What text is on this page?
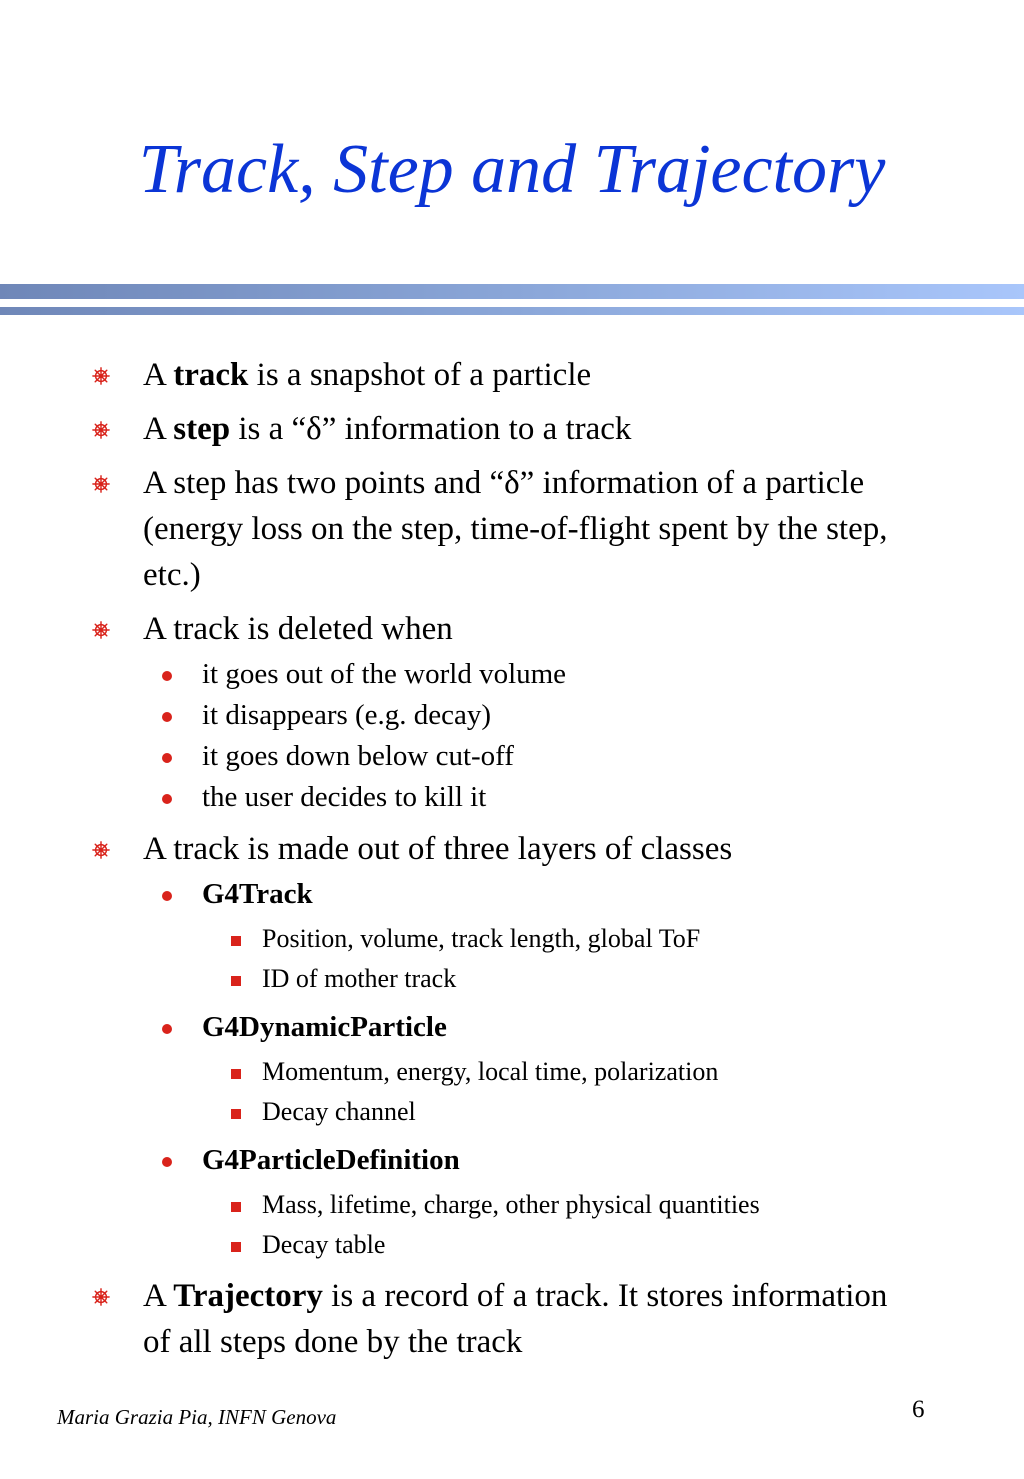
Track, Step and Trajectory
A track is a snapshot of a particle
A step is a “δ” information to a track
A step has two points and “δ” information of a particle (energy loss on the step, time-of-flight spent by the step, etc.)
A track is deleted when
it goes out of the world volume
it disappears (e.g. decay)
it goes down below cut-off
the user decides to kill it
A track is made out of three layers of classes
G4Track
Position, volume, track length, global ToF
ID of mother track
G4DynamicParticle
Momentum, energy, local time, polarization
Decay channel
G4ParticleDefinition
Mass, lifetime, charge, other physical quantities
Decay table
A Trajectory is a record of a track. It stores information of all steps done by the track
Maria Grazia Pia, INFN Genova	6
